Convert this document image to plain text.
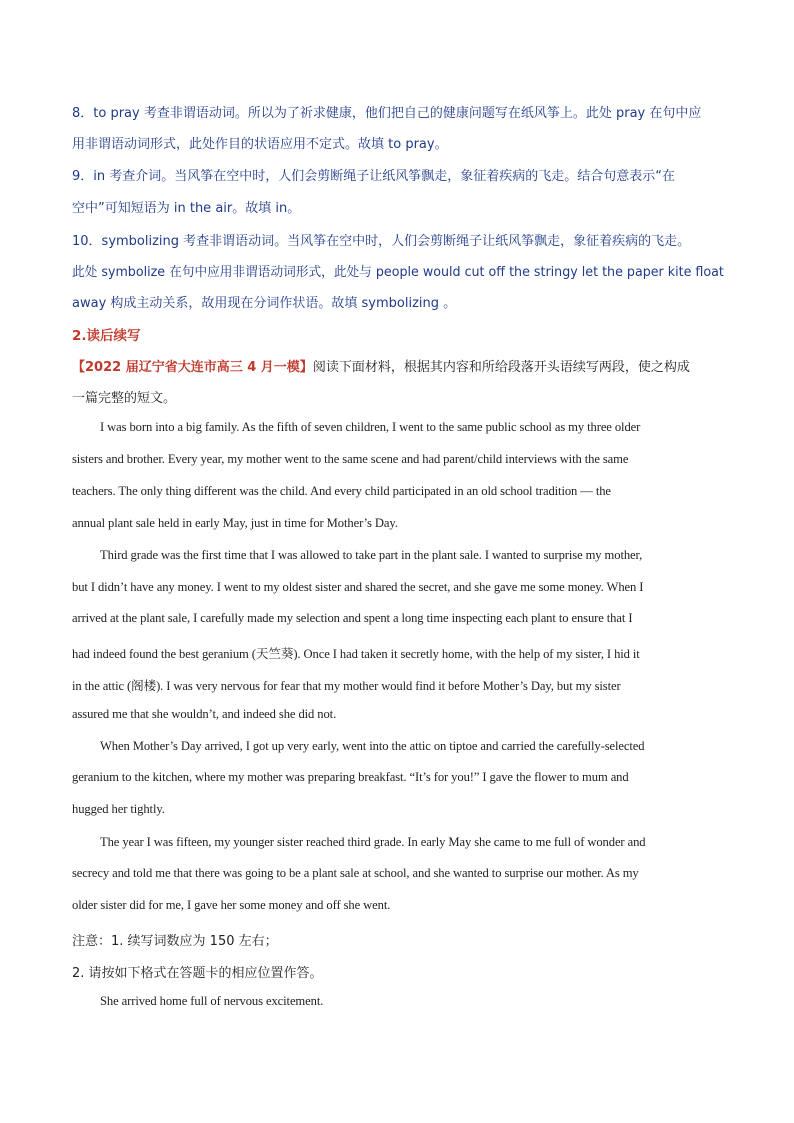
8．to pray 考查非谓语动词。所以为了祈求健康，他们把自己的健康问题写在纸风筝上。此处 pray 在句中应
用非谓语动词形式，此处作目的状语应用不定式。故填 to pray。
9．in 考查介词。当风筝在空中时，人们会剪断绳子让纸风筝飘走，象征着疾病的飞走。结合句意表示“在
空中”可知短语为 in the air。故填 in。
10．symbolizing 考查非谓语动词。当风筝在空中时，人们会剪断绳子让纸风筝飘走，象征着疾病的飞走。
此处 symbolize 在句中应用非谓语动词形式，此处与 people would cut off the stringy let the paper kite float
away 构成主动关系，故用现在分词作状语。故填 symbolizing 。
2.读后续写
【2022 届辽宁省大连市高三 4 月一模】阅读下面材料，根据其内容和所给段落开头语续写两段，使之构成
一篇完整的短文。
I was born into a big family. As the fifth of seven children, I went to the same public school as my three older
sisters and brother. Every year, my mother went to the same scene and had parent/child interviews with the same
teachers. The only thing different was the child. And every child participated in an old school tradition — the
annual plant sale held in early May, just in time for Mother’s Day.
Third grade was the first time that I was allowed to take part in the plant sale. I wanted to surprise my mother,
but I didn’t have any money. I went to my oldest sister and shared the secret, and she gave me some money. When I
arrived at the plant sale, I carefully made my selection and spent a long time inspecting each plant to ensure that I
had indeed found the best geranium (天竺葵). Once I had taken it secretly home, with the help of my sister, I hid it
in the attic (阁楼). I was very nervous for fear that my mother would find it before Mother’s Day, but my sister
assured me that she wouldn’t, and indeed she did not.
When Mother’s Day arrived, I got up very early, went into the attic on tiptoe and carried the carefully-selected
geranium to the kitchen, where my mother was preparing breakfast. “It’s for you!” I gave the flower to mum and
hugged her tightly.
The year I was fifteen, my younger sister reached third grade. In early May she came to me full of wonder and
secrecy and told me that there was going to be a plant sale at school, and she wanted to surprise our mother. As my
older sister did for me, I gave her some money and off she went.
注意：1. 续写词数应为 150 左右；
2. 请按如下格式在答题卡的相应位置作答。
She arrived home full of nervous excitement.
